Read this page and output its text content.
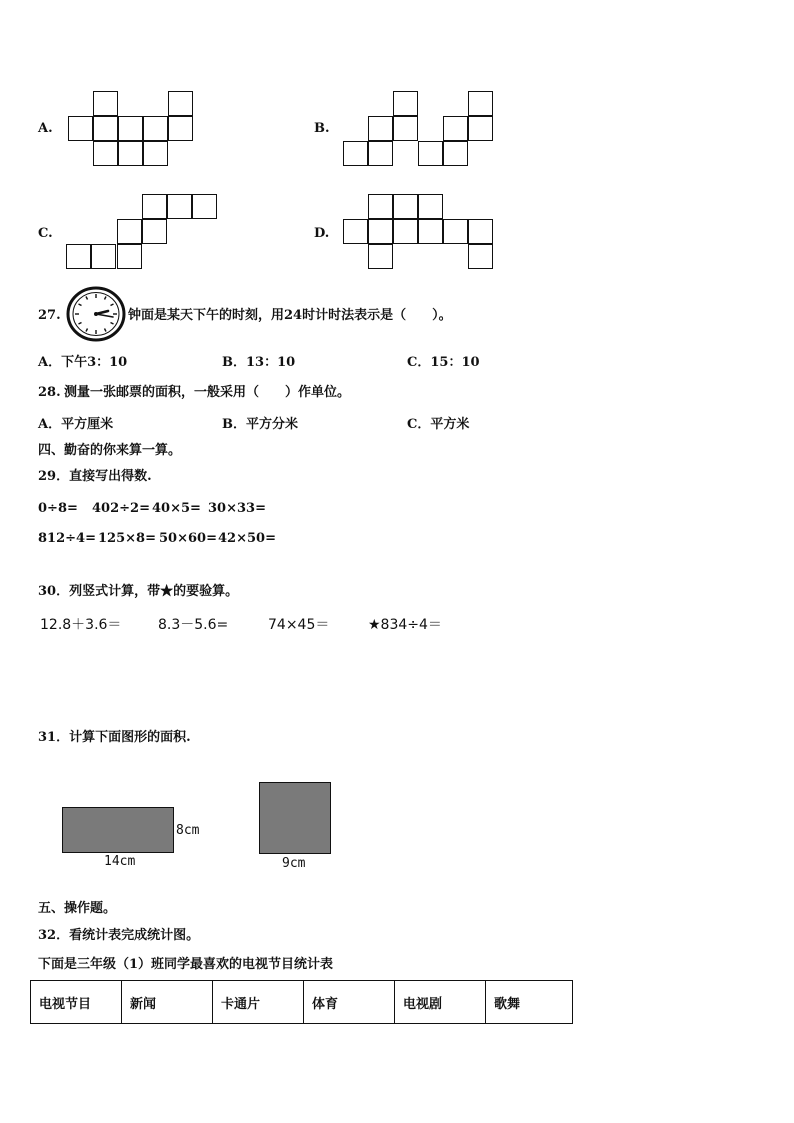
A.	B.
C.	D.
27.	钟面是某天下午的时刻，用24时计时法表示是（　　）。
A．下午3：10	B．13：10	C．15：10
28. 测量一张邮票的面积，一般采用（　　）作单位。
A．平方厘米	B．平方分米	C．平方米
四、勤奋的你来算一算。
29．直接写出得数.
0÷8= 402÷2= 40×5= 30×33=
812÷4= 125×8= 50×60= 42×50=
30．列竖式计算，带★的要验算。
12.8＋3.6＝	8.3－5.6=	74×45＝	★834÷4＝
31．计算下面图形的面积.
8cm
14cm	9cm
五、操作题。
32．看统计表完成统计图。
下面是三年级（1）班同学最喜欢的电视节目统计表
电视节目	新闻	卡通片	体育	电视剧	歌舞
